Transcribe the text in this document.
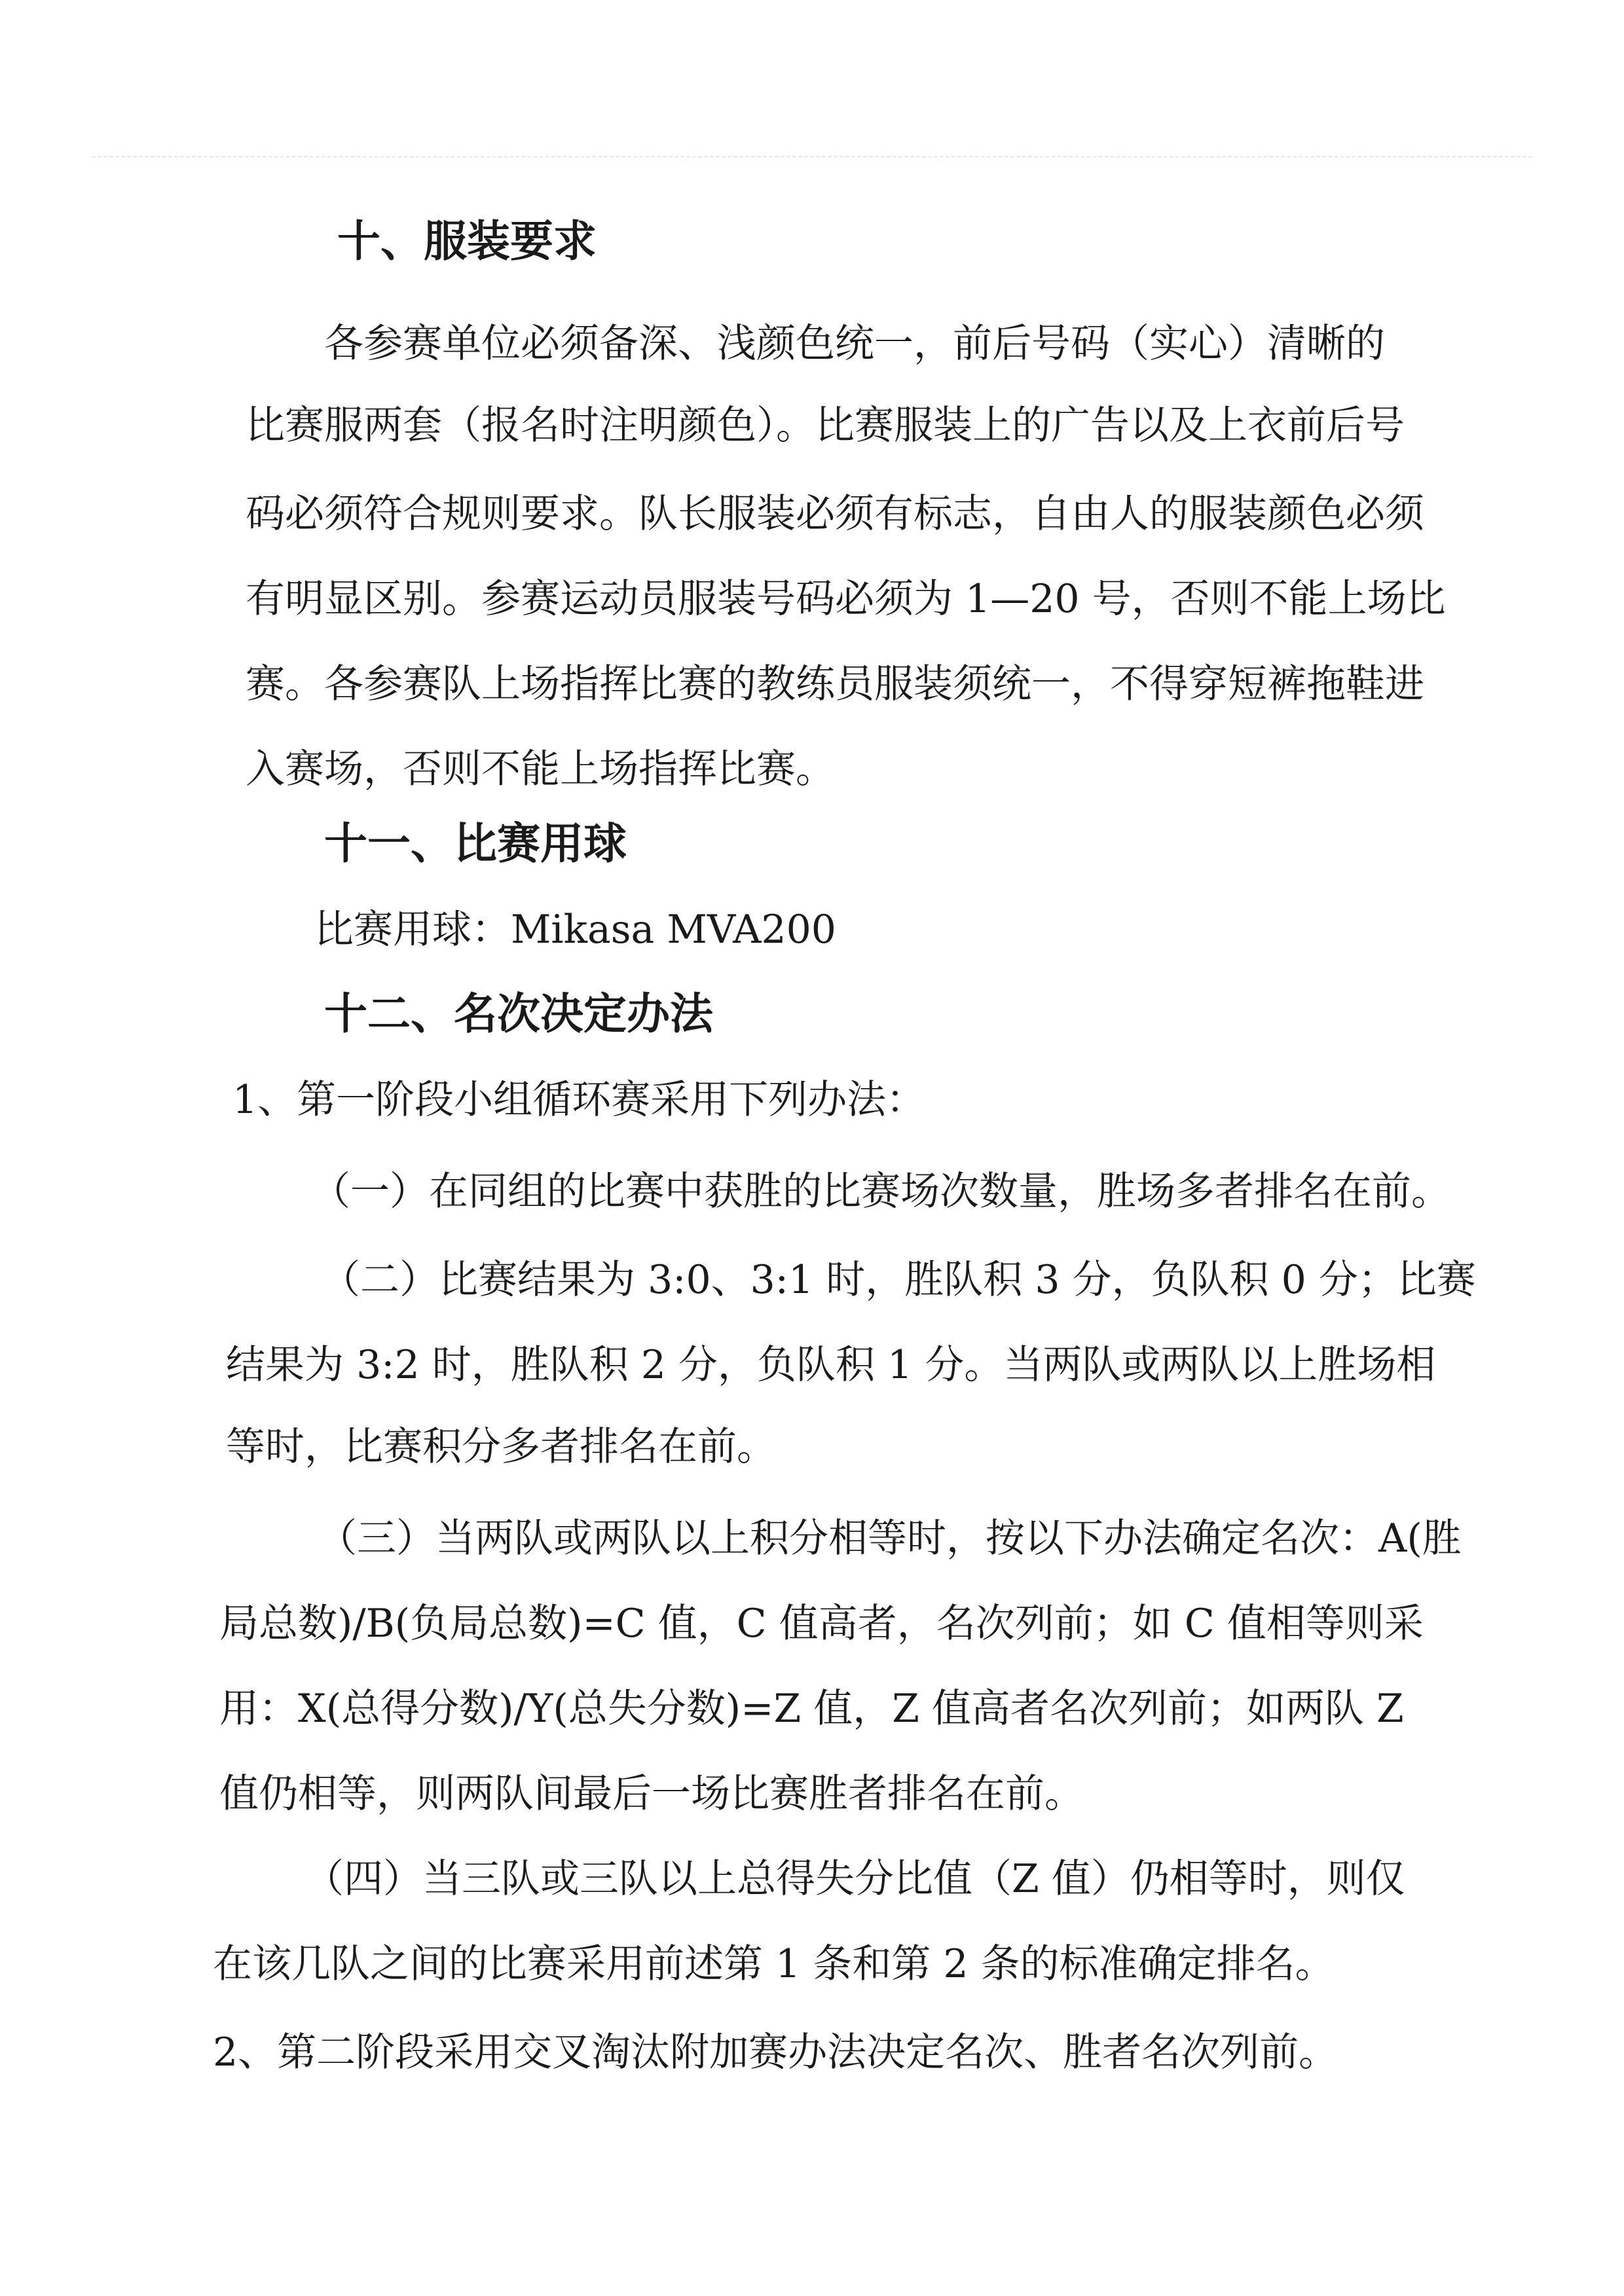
十、服装要求
各参赛单位必须备深、浅颜色统一，前后号码（实心）清晰的
比赛服两套（报名时注明颜色）。比赛服装上的广告以及上衣前后号
码必须符合规则要求。队长服装必须有标志，自由人的服装颜色必须
有明显区别。参赛运动员服装号码必须为 1—20 号，否则不能上场比
赛。各参赛队上场指挥比赛的教练员服装须统一，不得穿短裤拖鞋进
入赛场，否则不能上场指挥比赛。
十一、比赛用球
比赛用球：Mikasa MVA200
十二、名次决定办法
1、第一阶段小组循环赛采用下列办法：
（一）在同组的比赛中获胜的比赛场次数量，胜场多者排名在前。
（二）比赛结果为 3:0、3:1 时，胜队积 3 分，负队积 0 分；比赛
结果为 3:2 时，胜队积 2 分，负队积 1 分。当两队或两队以上胜场相
等时，比赛积分多者排名在前。
（三）当两队或两队以上积分相等时，按以下办法确定名次：A(胜
局总数)/B(负局总数)=C 值，C 值高者，名次列前；如 C 值相等则采
用：X(总得分数)/Y(总失分数)=Z 值，Z 值高者名次列前；如两队 Z
值仍相等，则两队间最后一场比赛胜者排名在前。
（四）当三队或三队以上总得失分比值（Z 值）仍相等时，则仅
在该几队之间的比赛采用前述第 1 条和第 2 条的标准确定排名。
2、第二阶段采用交叉淘汰附加赛办法决定名次、胜者名次列前。
